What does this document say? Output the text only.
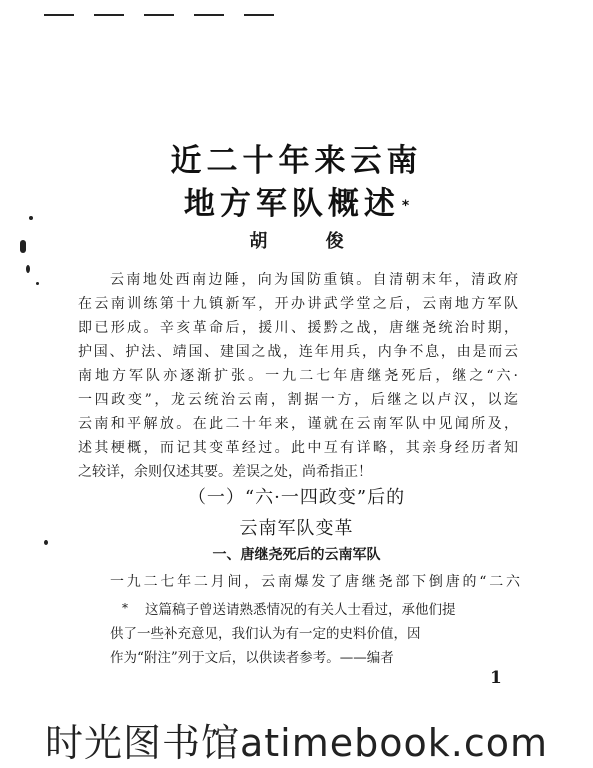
近二十年来云南
地方军队概述 *
胡 俊
云南地处西南边陲，向为国防重镇。自清朝末年，清政府
在云南训练第十九镇新军，开办讲武学堂之后，云南地方军队
即已形成。辛亥革命后，援川、援黔之战，唐继尧统治时期，
护国、护法、靖国、建国之战，连年用兵，内争不息，由是而云
南地方军队亦逐渐扩张。一九二七年唐继尧死后，继之“六·
一四政变”，龙云统治云南，割据一方，后继之以卢汉，以迄
云南和平解放。在此二十年来，谨就在云南军队中见闻所及，
述其梗概，而记其变革经过。此中互有详略，其亲身经历者知
之较详，余则仅述其要。差误之处，尚希指正！
（一）“六·一四政变”后的
云南军队变革
一、唐继尧死后的云南军队
一九二七年二月间，云南爆发了唐继尧部下倒唐的“二六
* 这篇稿子曾送请熟悉情况的有关人士看过，承他们提
供了一些补充意见，我们认为有一定的史料价值，因
作为“附注”列于文后，以供读者参考。——编者
1
时光图书馆atimebook.com
